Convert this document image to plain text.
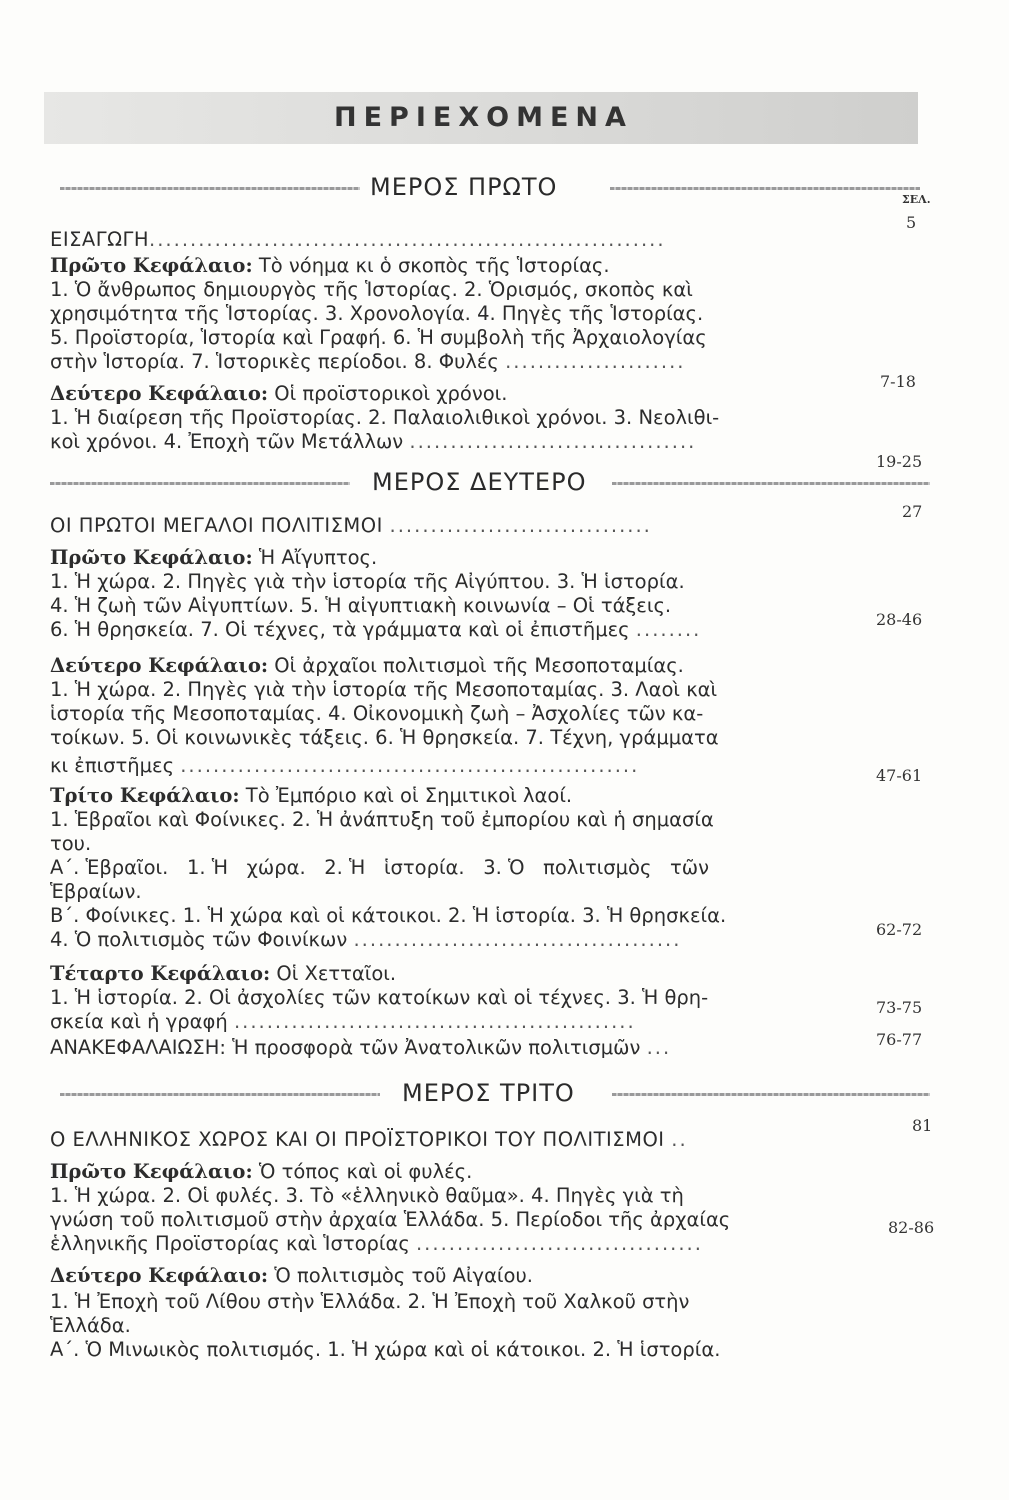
ΠΕΡΙΕΧΟΜΕΝΑ
ΜΕΡΟΣ ΠΡΩΤΟ	ΣΕΛ.
ΜΕΡΟΣ ΔΕΥΤΕΡΟ
ΜΕΡΟΣ ΤΡΙΤΟ
ΕΙΣΑΓΩΓΗ...............................................................
Πρῶτο Κεφάλαιο: Τὸ νόημα κι ὁ σκοπὸς τῆς Ἱστορίας.
1. Ὁ ἄνθρωπος δημιουργὸς τῆς Ἱστορίας. 2. Ὁρισμός, σκοπὸς καὶ
χρησιμότητα τῆς Ἱστορίας. 3. Χρονολογία. 4. Πηγὲς τῆς Ἱστορίας.
5. Προϊστορία, Ἱστορία καὶ Γραφή. 6. Ἡ συμβολὴ τῆς Ἀρχαιολογίας
στὴν Ἱστορία. 7. Ἱστορικὲς περίοδοι. 8. Φυλές ......................
Δεύτερο Κεφάλαιο: Οἱ προϊστορικοὶ χρόνοι.
1. Ἡ διαίρεση τῆς Προϊστορίας. 2. Παλαιολιθικοὶ χρόνοι. 3. Νεολιθι-
κοὶ χρόνοι. 4. Ἐποχὴ τῶν Μετάλλων ...................................
ΟΙ ΠΡΩΤΟΙ ΜΕΓΑΛΟΙ ΠΟΛΙΤΙΣΜΟΙ ................................
Πρῶτο Κεφάλαιο: Ἡ Αἴγυπτος.
1. Ἡ χώρα. 2. Πηγὲς γιὰ τὴν ἱστορία τῆς Αἰγύπτου. 3. Ἡ ἱστορία.
4. Ἡ ζωὴ τῶν Αἰγυπτίων. 5. Ἡ αἰγυπτιακὴ κοινωνία – Οἱ τάξεις.
6. Ἡ θρησκεία. 7. Οἱ τέχνες, τὰ γράμματα καὶ οἱ ἐπιστῆμες ........
Δεύτερο Κεφάλαιο: Οἱ ἀρχαῖοι πολιτισμοὶ τῆς Μεσοποταμίας.
1. Ἡ χώρα. 2. Πηγὲς γιὰ τὴν ἱστορία τῆς Μεσοποταμίας. 3. Λαοὶ καὶ
ἱστορία τῆς Μεσοποταμίας. 4. Οἰκονομικὴ ζωὴ – Ἀσχολίες τῶν κα-
τοίκων. 5. Οἱ κοινωνικὲς τάξεις. 6. Ἡ θρησκεία. 7. Τέχνη, γράμματα
κι ἐπιστῆμες ........................................................
Τρίτο Κεφάλαιο: Τὸ Ἐμπόριο καὶ οἱ Σημιτικοὶ λαοί.
1. Ἑβραῖοι καὶ Φοίνικες. 2. Ἡ ἀνάπτυξη τοῦ ἐμπορίου καὶ ἡ σημασία
του.
Α΄. Ἑβραῖοι.   1. Ἡ   χώρα.   2. Ἡ   ἱστορία.   3. Ὁ   πολιτισμὸς   τῶν
Ἑβραίων.
Β΄. Φοίνικες. 1. Ἡ χώρα καὶ οἱ κάτοικοι. 2. Ἡ ἱστορία. 3. Ἡ θρησκεία.
4. Ὁ πολιτισμὸς τῶν Φοινίκων ........................................
Τέταρτο Κεφάλαιο: Οἱ Χετταῖοι.
1. Ἡ ἱστορία. 2. Οἱ ἀσχολίες τῶν κατοίκων καὶ οἱ τέχνες. 3. Ἡ θρη-
σκεία καὶ ἡ γραφή .................................................
ΑΝΑΚΕΦΑΛΑΙΩΣΗ: Ἡ προσφορὰ τῶν Ἀνατολικῶν πολιτισμῶν ...
Ο ΕΛΛΗΝΙΚΟΣ ΧΩΡΟΣ ΚΑΙ ΟΙ ΠΡΟΪΣΤΟΡΙΚΟΙ ΤΟΥ ΠΟΛΙΤΙΣΜΟΙ ..
Πρῶτο Κεφάλαιο: Ὁ τόπος καὶ οἱ φυλές.
1. Ἡ χώρα. 2. Οἱ φυλές. 3. Τὸ «ἑλληνικὸ θαῦμα». 4. Πηγὲς γιὰ τὴ
γνώση τοῦ πολιτισμοῦ στὴν ἀρχαία Ἑλλάδα. 5. Περίοδοι τῆς ἀρχαίας
ἑλληνικῆς Προϊστορίας καὶ Ἱστορίας ...................................
Δεύτερο Κεφάλαιο: Ὁ πολιτισμὸς τοῦ Αἰγαίου.
1. Ἡ Ἐποχὴ τοῦ Λίθου στὴν Ἑλλάδα. 2. Ἡ Ἐποχὴ τοῦ Χαλκοῦ στὴν
Ἑλλάδα.
Α΄. Ὁ Μινωικὸς πολιτισμός. 1. Ἡ χώρα καὶ οἱ κάτοικοι. 2. Ἡ ἱστορία.
5
7-18
19-25
27
28-46
47-61
62-72
73-75
76-77
81
82-86
